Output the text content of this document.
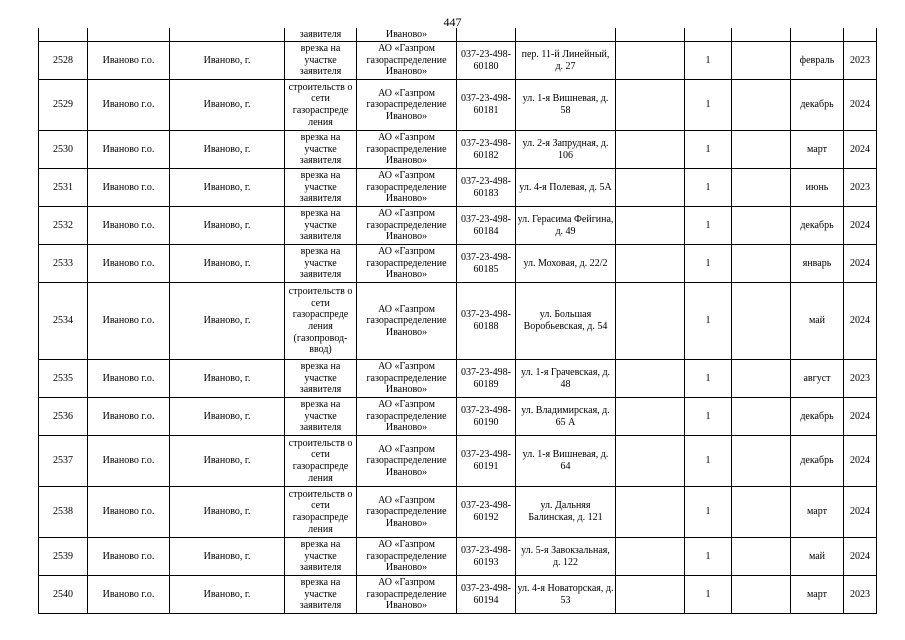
447
			заявителя	Иваново»							
2528	Иваново г.о.	Иваново, г.	врезка на участке заявителя	АО «Газпром газораспределение Иваново»	037-23-498-60180	пер. 11-й Линейный, д. 27		1		февраль	2023
2529	Иваново г.о.	Иваново, г.	строительств о сети газораспреде ления	АО «Газпром газораспределение Иваново»	037-23-498-60181	ул. 1-я Вишневая, д. 58		1		декабрь	2024
2530	Иваново г.о.	Иваново, г.	врезка на участке заявителя	АО «Газпром газораспределение Иваново»	037-23-498-60182	ул. 2-я Запрудная, д. 106		1		март	2024
2531	Иваново г.о.	Иваново, г.	врезка на участке заявителя	АО «Газпром газораспределение Иваново»	037-23-498-60183	ул. 4-я Полевая, д. 5А		1		июнь	2023
2532	Иваново г.о.	Иваново, г.	врезка на участке заявителя	АО «Газпром газораспределение Иваново»	037-23-498-60184	ул. Герасима Фейгина, д. 49		1		декабрь	2024
2533	Иваново г.о.	Иваново, г.	врезка на участке заявителя	АО «Газпром газораспределение Иваново»	037-23-498-60185	ул. Моховая, д. 22/2		1		январь	2024
2534	Иваново г.о.	Иваново, г.	строительств о сети газораспреде ления (газопровод-ввод)	АО «Газпром газораспределение Иваново»	037-23-498-60188	ул. Большая Воробьевская, д. 54		1		май	2024
2535	Иваново г.о.	Иваново, г.	врезка на участке заявителя	АО «Газпром газораспределение Иваново»	037-23-498-60189	ул. 1-я Грачевская, д. 48		1		август	2023
2536	Иваново г.о.	Иваново, г.	врезка на участке заявителя	АО «Газпром газораспределение Иваново»	037-23-498-60190	ул. Владимирская, д. 65 А		1		декабрь	2024
2537	Иваново г.о.	Иваново, г.	строительств о сети газораспреде ления	АО «Газпром газораспределение Иваново»	037-23-498-60191	ул. 1-я Вишневая, д. 64		1		декабрь	2024
2538	Иваново г.о.	Иваново, г.	строительств о сети газораспреде ления	АО «Газпром газораспределение Иваново»	037-23-498-60192	ул. Дальняя Балинская, д. 121		1		март	2024
2539	Иваново г.о.	Иваново, г.	врезка на участке заявителя	АО «Газпром газораспределение Иваново»	037-23-498-60193	ул. 5-я Завокзальная, д. 122		1		май	2024
2540	Иваново г.о.	Иваново, г.	врезка на участке заявителя	АО «Газпром газораспределение Иваново»	037-23-498-60194	ул. 4-я Новаторская, д. 53		1		март	2023
